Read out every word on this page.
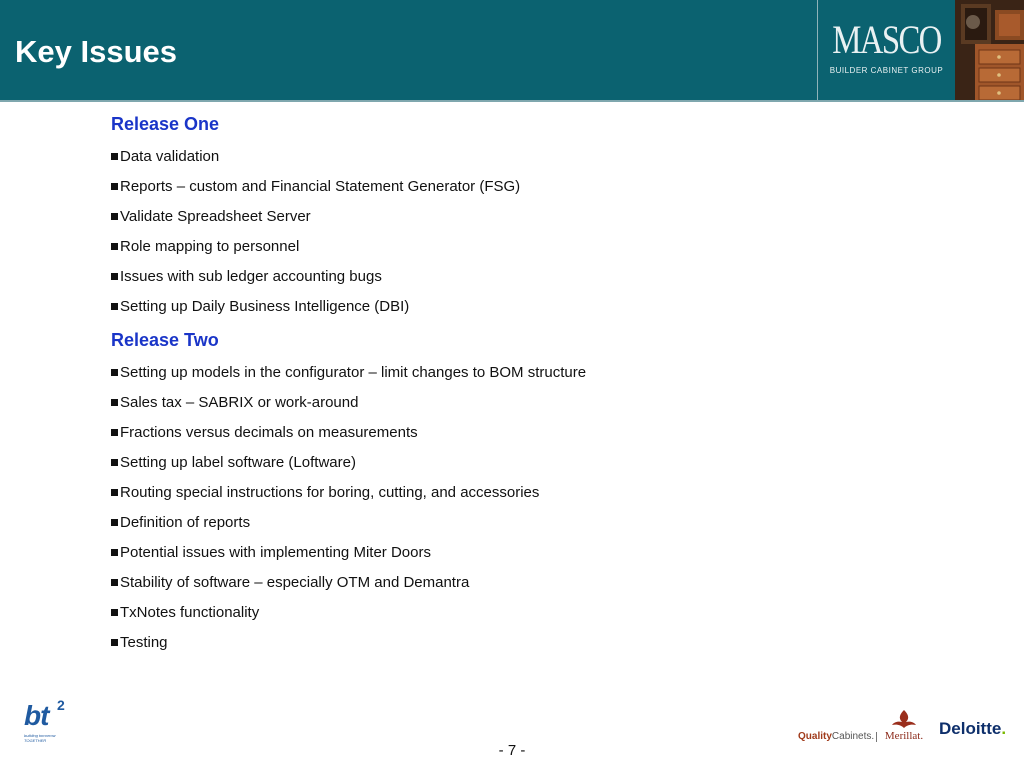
Key Issues	MASCO
BUILDER CABINET GROUP
Release One
Data validation
Reports – custom and Financial Statement Generator (FSG)
Validate Spreadsheet Server
Role mapping to personnel
Issues with sub ledger accounting bugs
Setting up Daily Business Intelligence (DBI)
Release Two
Setting up models in the configurator – limit changes to BOM structure
Sales tax – SABRIX or work-around
Fractions versus decimals on measurements
Setting up label software (Loftware)
Routing special instructions for boring, cutting, and accessories
Definition of reports
Potential issues with implementing Miter Doors
Stability of software – especially OTM and Demantra
TxNotes functionality
Testing
bt 2
building tomorrow TOGETHER
- 7 -
QualityCabinets. Merillat. Deloitte.
